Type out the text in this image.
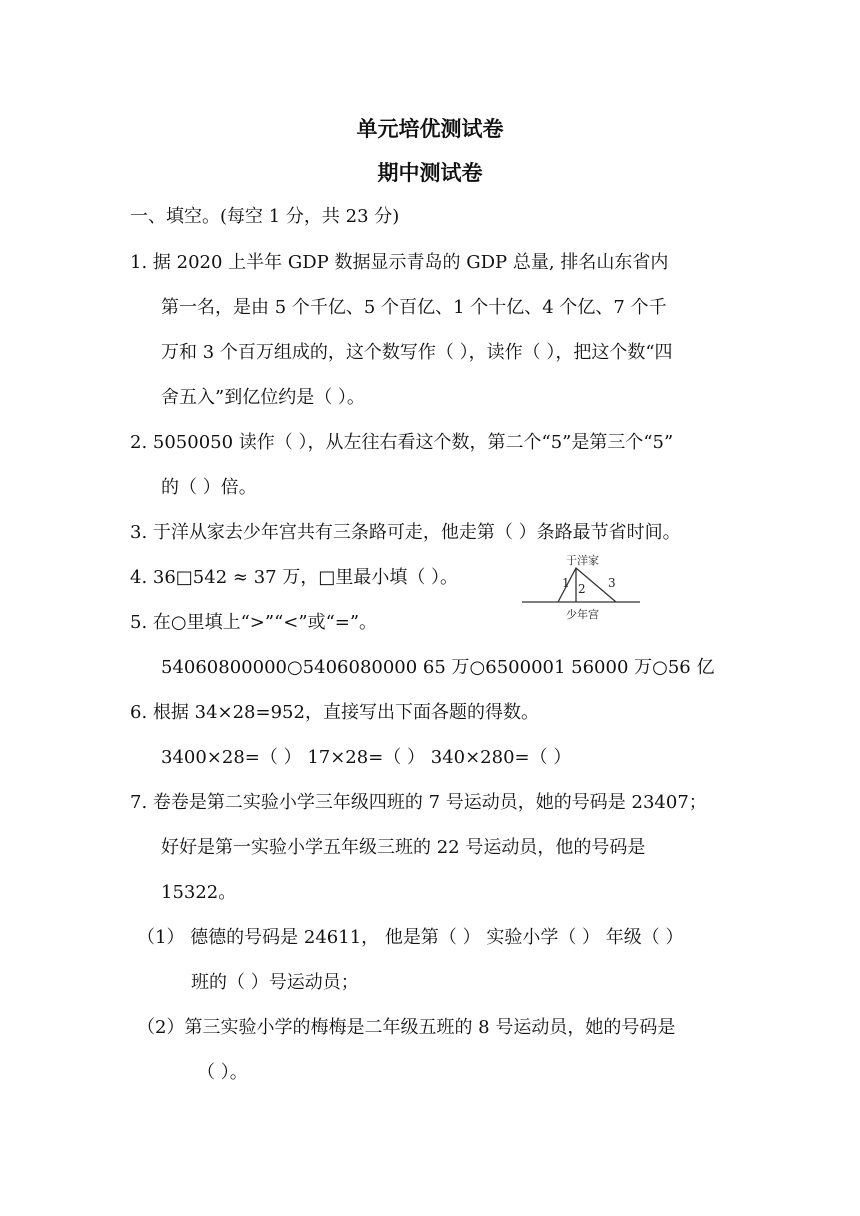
单元培优测试卷
期中测试卷
一、填空。(每空 1 分，共 23 分)
1. 据 2020 上半年 GDP 数据显示青岛的 GDP 总量, 排名山东省内
第一名，是由 5 个千亿、5 个百亿、1 个十亿、4 个亿、7 个千
万和 3 个百万组成的，这个数写作（ ），读作（ ），把这个数“四
舍五入”到亿位约是（ ）。
2. 5050050 读作（ ），从左往右看这个数，第二个“5”是第三个“5”
的（ ）倍。
3. 于洋从家去少年宫共有三条路可走，他走第（ ）条路最节省时间。
4. 36□542 ≈ 37 万，□里最小填（ ）。
于洋家
少年宫
1 2 3
5. 在○里填上“>”“<”或“=”。
54060800000○5406080000 65 万○6500001 56000 万○56 亿
6. 根据 34×28=952，直接写出下面各题的得数。
3400×28=（ ） 17×28=（ ） 340×280=（ ）
7. 卷卷是第二实验小学三年级四班的 7 号运动员，她的号码是 23407；
好好是第一实验小学五年级三班的 22 号运动员，他的号码是
15322。
（1） 德德的号码是 24611， 他是第（ ） 实验小学（ ） 年级（ ）
班的（ ）号运动员；
（2）第三实验小学的梅梅是二年级五班的 8 号运动员，她的号码是
（ ）。
